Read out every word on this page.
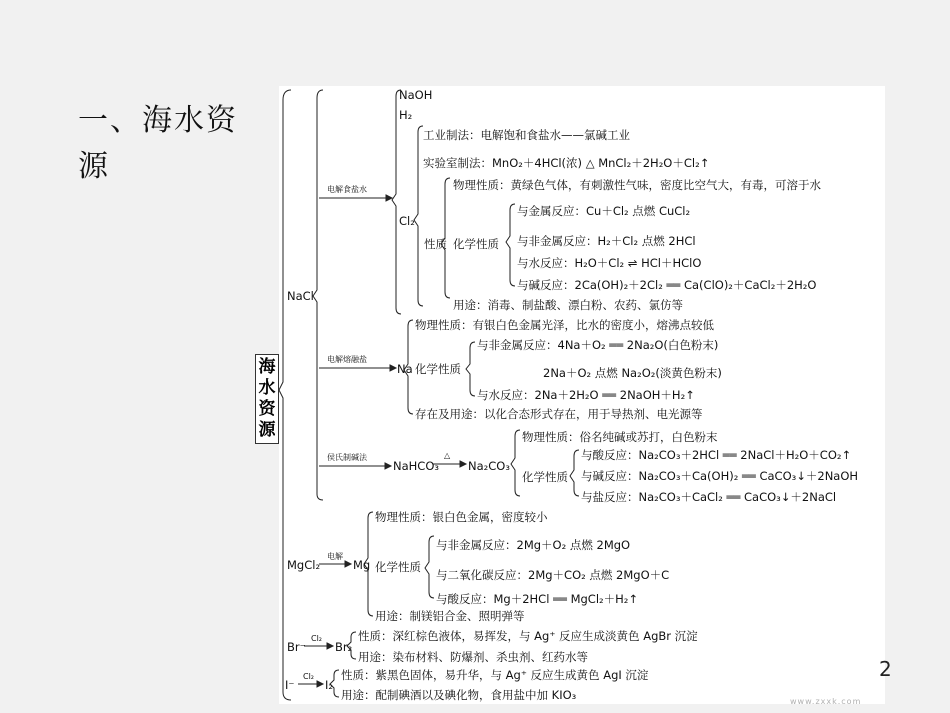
一、海水资源
海水资源
NaCl
电解食盐水
NaOH
H₂
Cl₂
工业制法：电解饱和食盐水——氯碱工业
实验室制法：MnO₂＋4HCl(浓) △ MnCl₂＋2H₂O＋Cl₂↑
物理性质：黄绿色气体，有刺激性气味，密度比空气大，有毒，可溶于水
性质 化学性质
与金属反应：Cu＋Cl₂ 点燃 CuCl₂
与非金属反应：H₂＋Cl₂ 点燃 2HCl
与水反应：H₂O＋Cl₂ ⇌ HCl＋HClO
与碱反应：2Ca(OH)₂＋2Cl₂ ══ Ca(ClO)₂＋CaCl₂＋2H₂O
用途：消毒、制盐酸、漂白粉、农药、氯仿等
电解熔融盐
Na
物理性质：有银白色金属光泽，比水的密度小，熔沸点较低
化学性质
与非金属反应：4Na＋O₂ ══ 2Na₂O(白色粉末)
2Na＋O₂ 点燃 Na₂O₂(淡黄色粉末)
与水反应：2Na＋2H₂O ══ 2NaOH＋H₂↑
存在及用途：以化合态形式存在，用于导热剂、电光源等
侯氏制碱法
NaHCO₃
△
Na₂CO₃
物理性质：俗名纯碱或苏打，白色粉末
化学性质
与酸反应：Na₂CO₃＋2HCl ══ 2NaCl＋H₂O＋CO₂↑
与碱反应：Na₂CO₃＋Ca(OH)₂ ══ CaCO₃↓＋2NaOH
与盐反应：Na₂CO₃＋CaCl₂ ══ CaCO₃↓＋2NaCl
MgCl₂
电解
Mg
物理性质：银白色金属，密度较小
化学性质
与非金属反应：2Mg＋O₂ 点燃 2MgO
与二氧化碳反应：2Mg＋CO₂ 点燃 2MgO＋C
与酸反应：Mg＋2HCl ══ MgCl₂＋H₂↑
用途：制镁铝合金、照明弹等
Br⁻
Cl₂
Br₂
性质：深红棕色液体，易挥发，与 Ag⁺ 反应生成淡黄色 AgBr 沉淀
用途：染布材料、防爆剂、杀虫剂、红药水等
I⁻
Cl₂
I₂
性质：紫黑色固体，易升华，与 Ag⁺ 反应生成黄色 AgI 沉淀
用途：配制碘酒以及碘化物，食用盐中加 KIO₃
2
www.zxxk.com
